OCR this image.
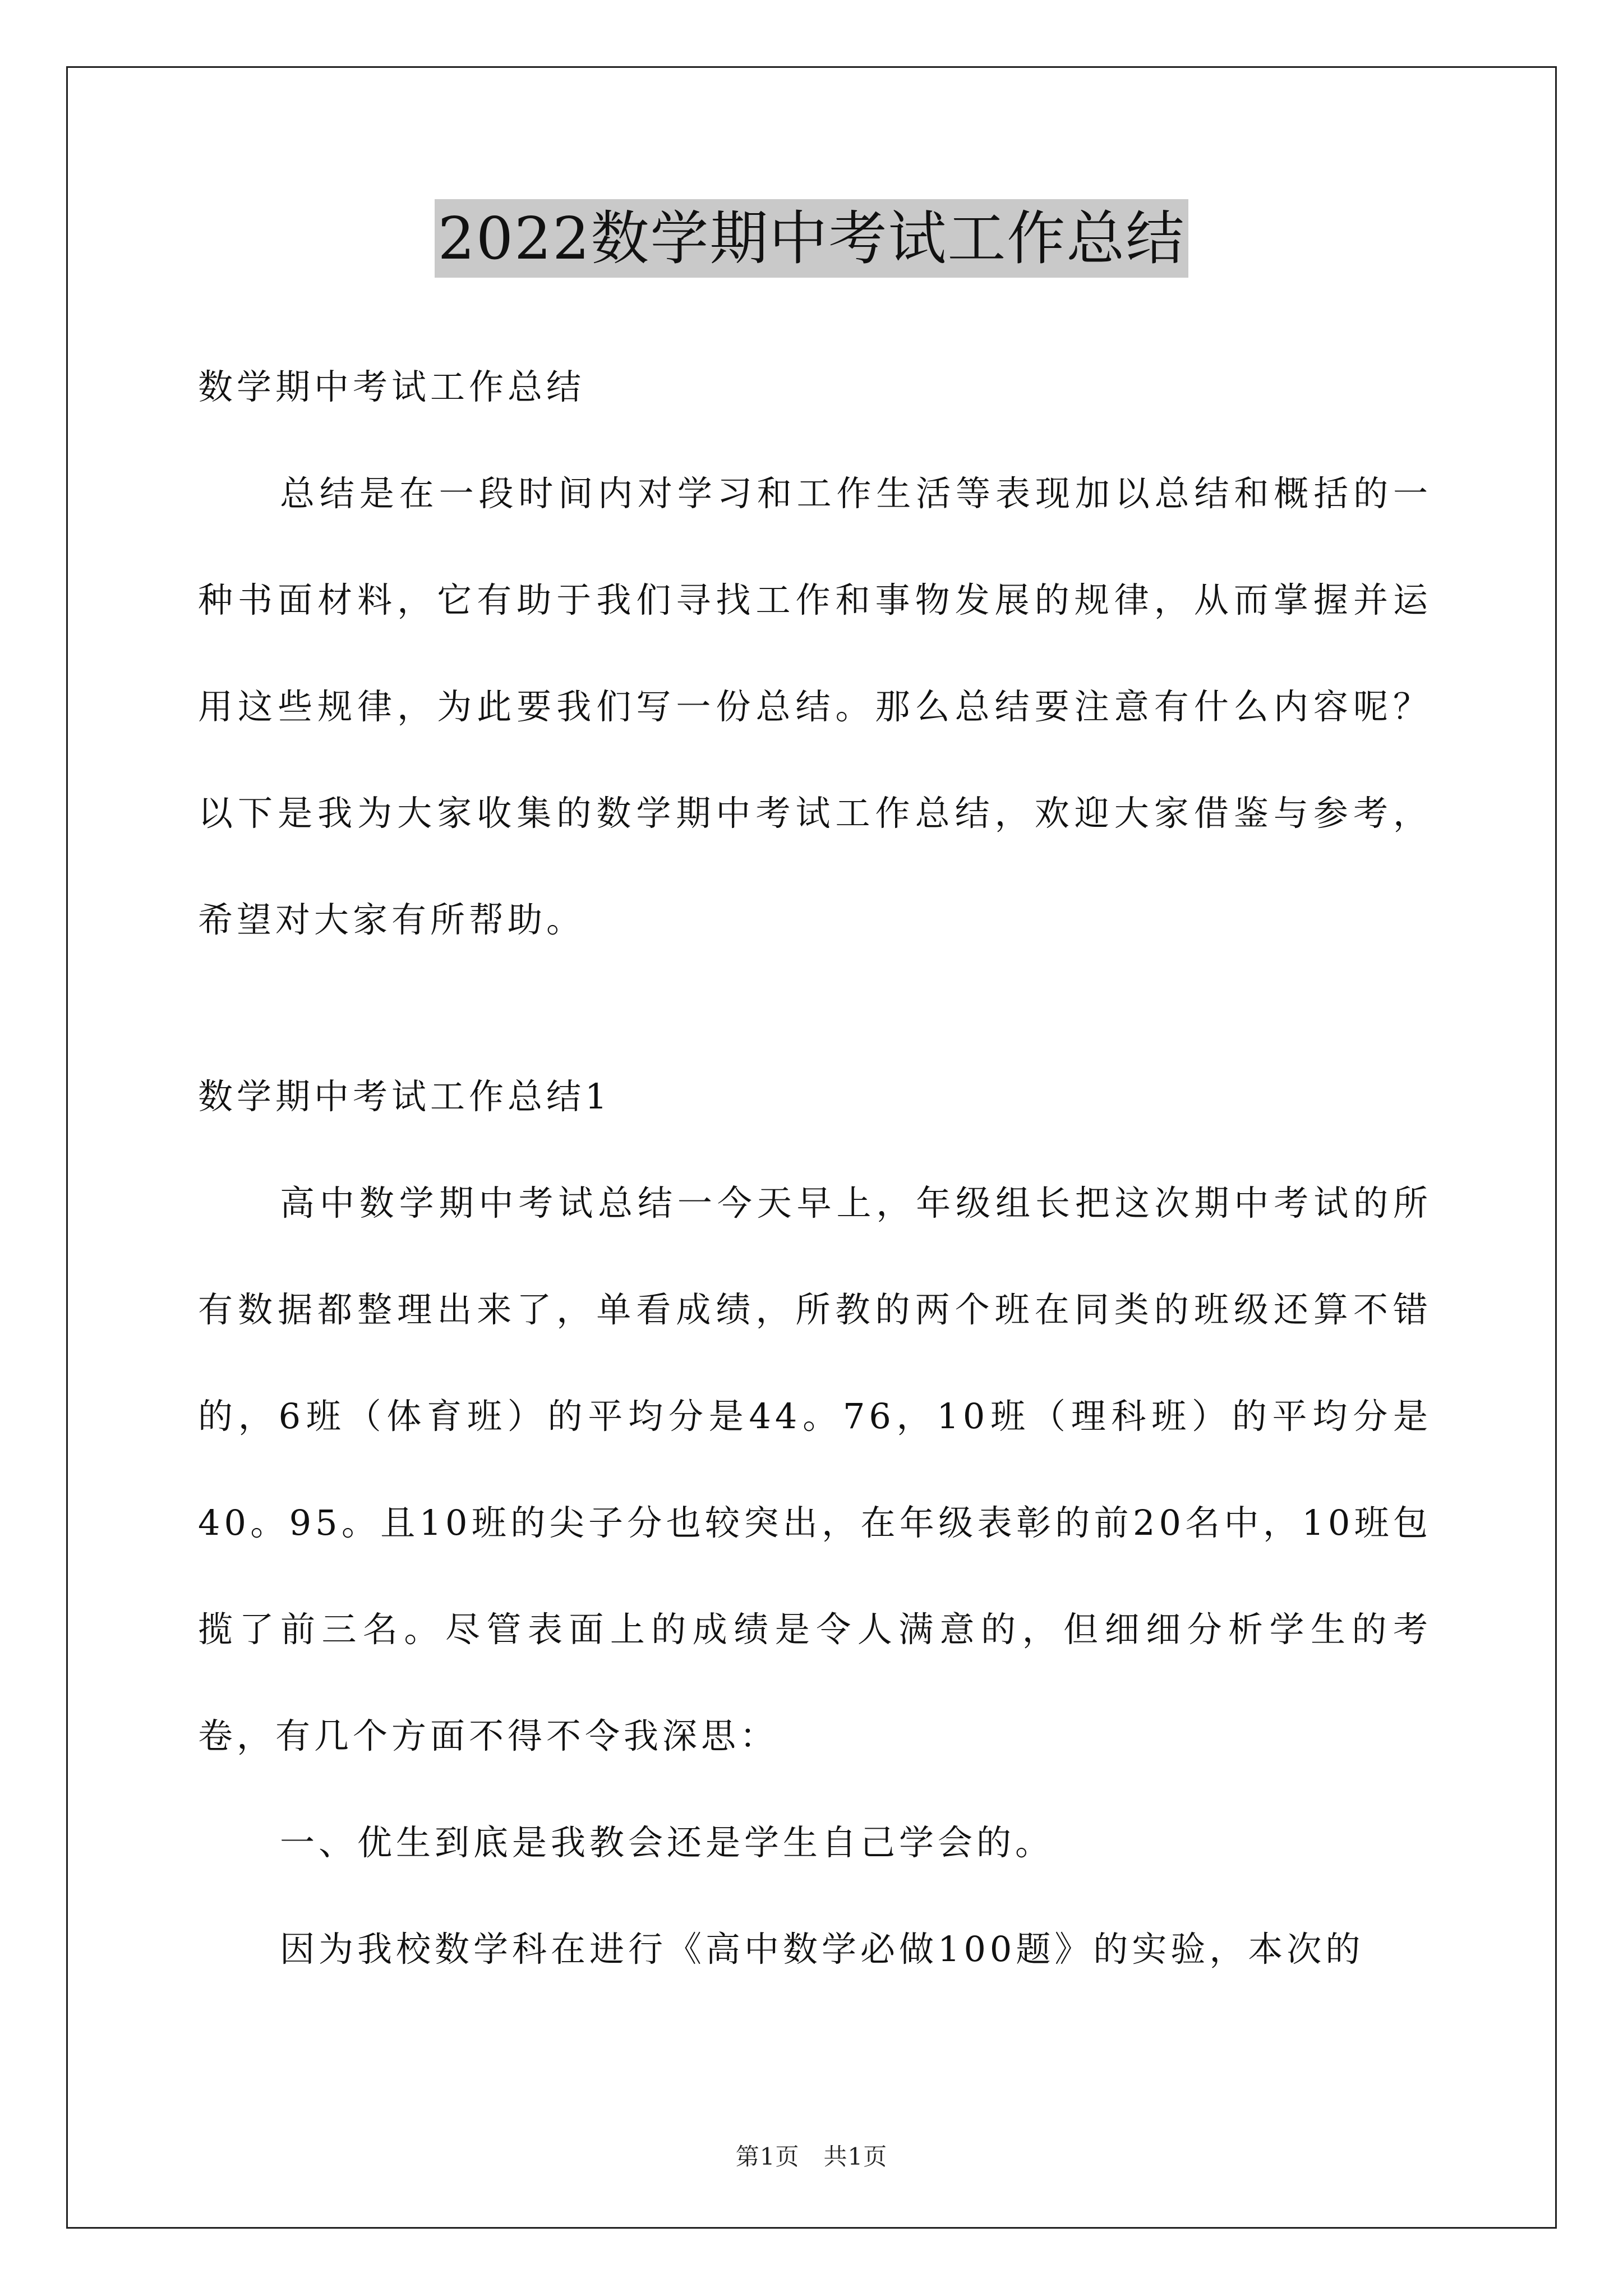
2022数学期中考试工作总结

数学期中考试工作总结

总结是在一段时间内对学习和工作生活等表现加以总结和概括的一种书面材料，它有助于我们寻找工作和事物发展的规律，从而掌握并运用这些规律，为此要我们写一份总结。那么总结要注意有什么内容呢？以下是我为大家收集的数学期中考试工作总结，欢迎大家借鉴与参考，希望对大家有所帮助。

数学期中考试工作总结1

高中数学期中考试总结一今天早上，年级组长把这次期中考试的所有数据都整理出来了，单看成绩，所教的两个班在同类的班级还算不错的，6班（体育班）的平均分是44。76，10班（理科班）的平均分是40。95。且10班的尖子分也较突出，在年级表彰的前20名中，10班包揽了前三名。尽管表面上的成绩是令人满意的，但细细分析学生的考卷，有几个方面不得不令我深思：

一、优生到底是我教会还是学生自己学会的。

因为我校数学科在进行《高中数学必做100题》的实验，本次的

第1页　共1页
